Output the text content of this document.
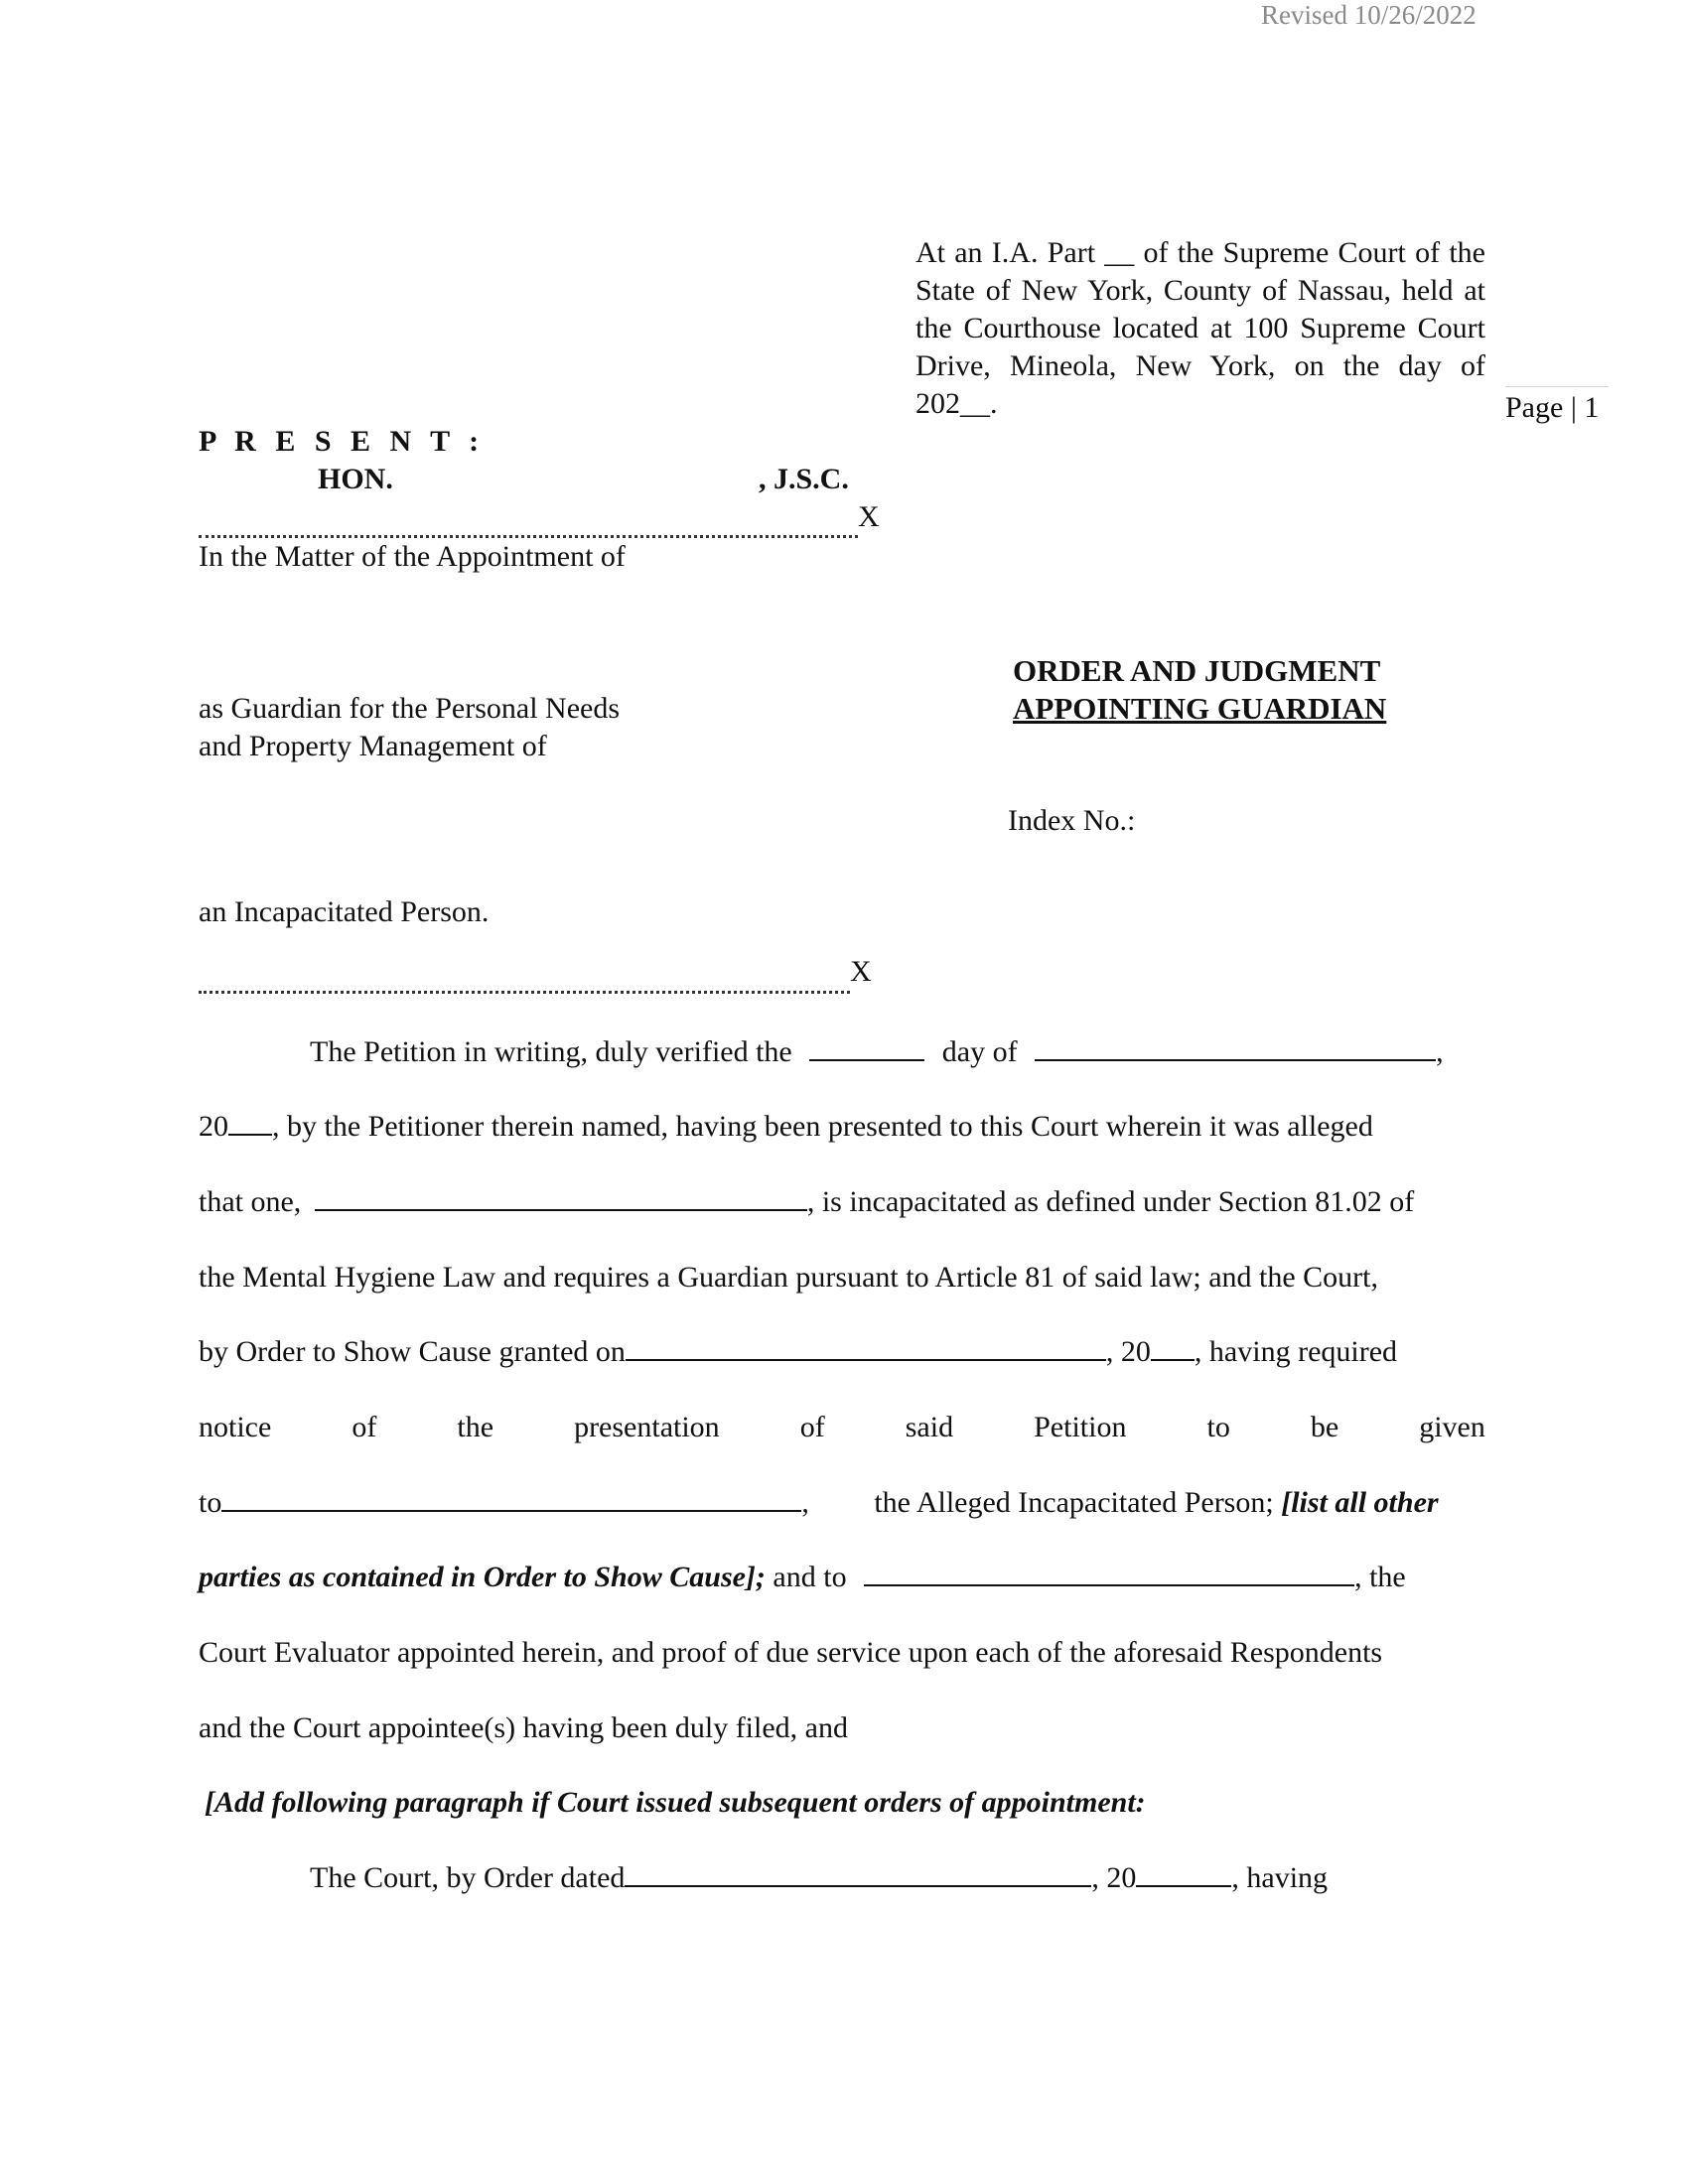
Revised 10/26/2022
At an I.A. Part __ of the Supreme Court of the State of New York, County of Nassau, held at the Courthouse located at 100 Supreme Court Drive, Mineola, New York, on the day of 202__.	Page | 1
P R E S E N T :
HON.	, J.S.C.
X
In the Matter of the Appointment of
as Guardian for the Personal Needs
and Property Management of
an Incapacitated Person.
X
ORDER AND JUDGMENT
APPOINTING GUARDIAN
Index No.:
The Petition in writing, duly verified the	day of	,
20 , by the Petitioner therein named, having been presented to this Court wherein it was alleged
that one,	, is incapacitated as defined under Section 81.02 of
the Mental Hygiene Law and requires a Guardian pursuant to Article 81 of said law; and the Court,
by Order to Show Cause granted on	, 20 , having required
notice	of	the	presentation	of	said	Petition	to	be	given
to	, the Alleged Incapacitated Person; [list all other
parties as contained in Order to Show Cause]; and to	, the
Court Evaluator appointed herein, and proof of due service upon each of the aforesaid Respondents
and the Court appointee(s) having been duly filed, and
[Add following paragraph if Court issued subsequent orders of appointment:
The Court, by Order dated	, 20	, having
